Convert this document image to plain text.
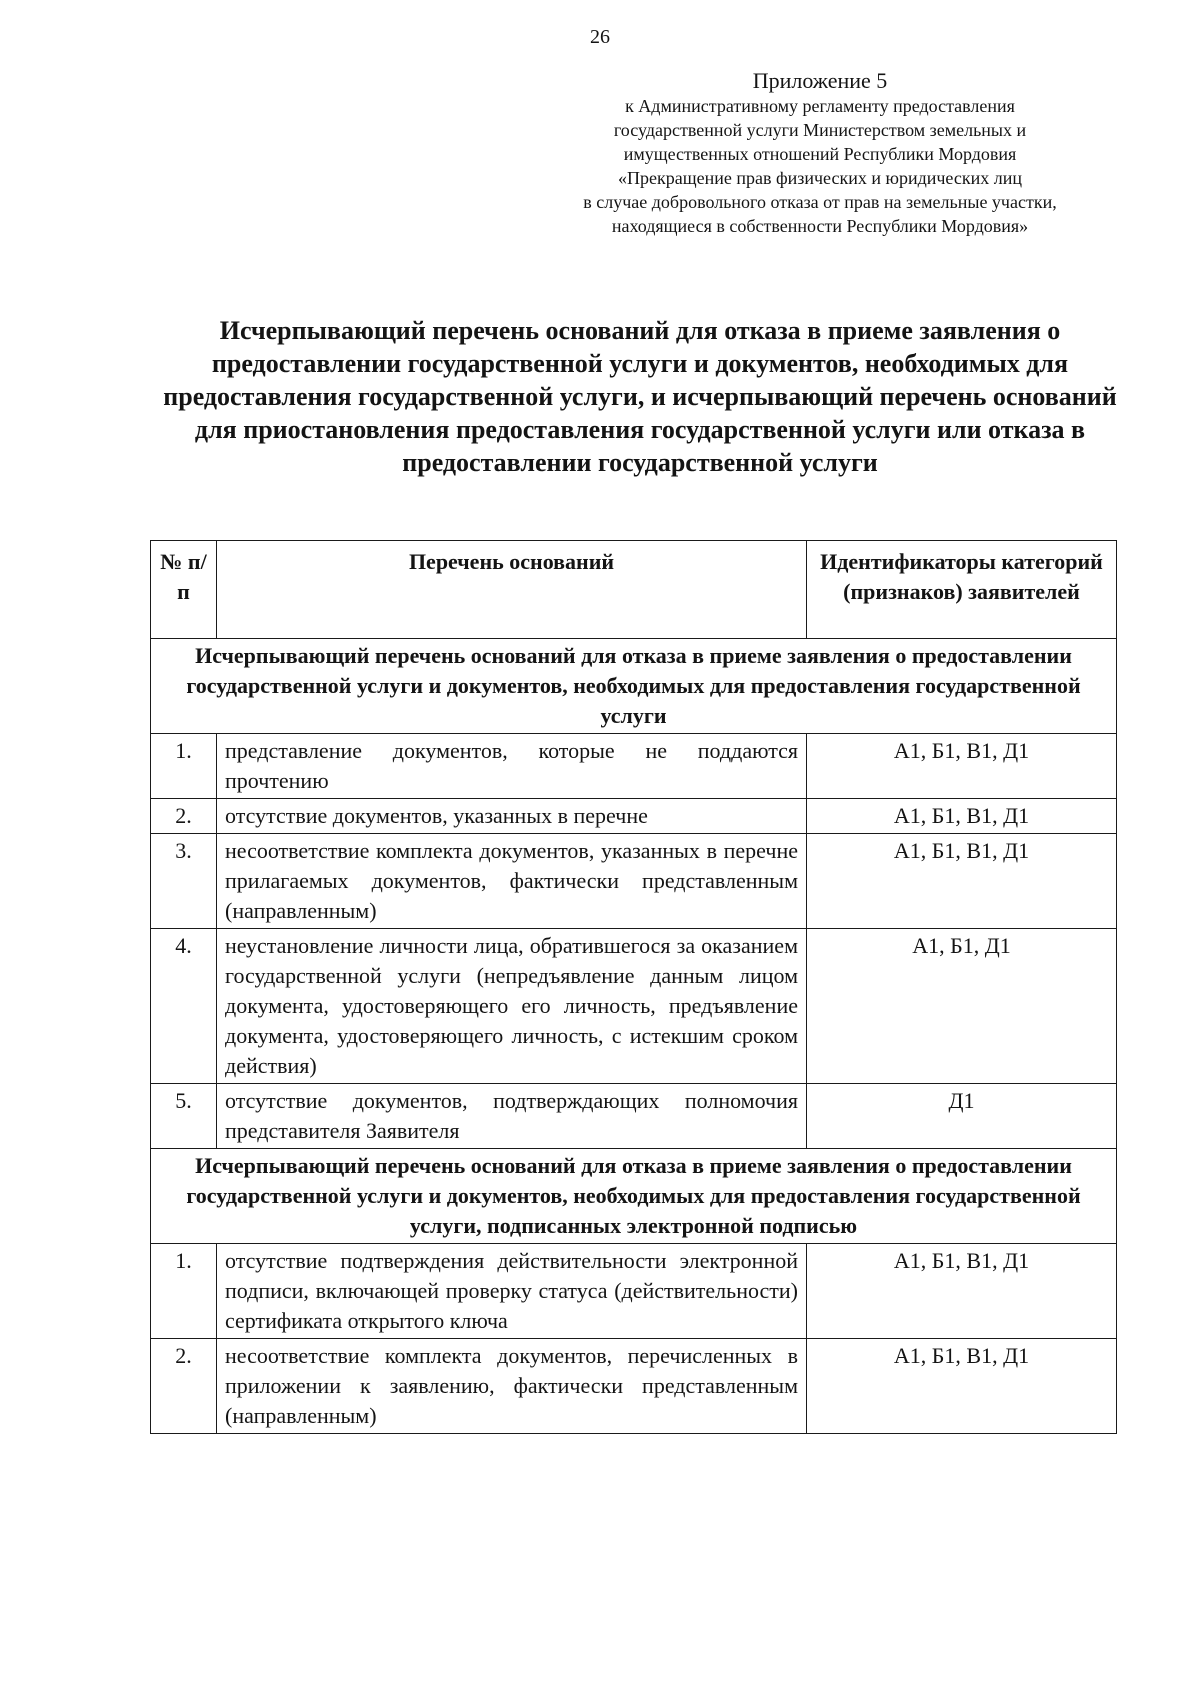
26
Приложение 5
к Административному регламенту предоставления
государственной услуги Министерством земельных и
имущественных отношений Республики Мордовия
«Прекращение прав физических и юридических лиц
в случае добровольного отказа от прав на земельные участки,
находящиеся в собственности Республики Мордовия»
Исчерпывающий перечень оснований для отказа в приеме заявления о предоставлении государственной услуги и документов, необходимых для предоставления государственной услуги, и исчерпывающий перечень оснований для приостановления предоставления государственной услуги или отказа в предоставлении государственной услуги
№ п/п	Перечень оснований	Идентификаторы категорий (признаков) заявителей
Исчерпывающий перечень оснований для отказа в приеме заявления о предоставлении государственной услуги и документов, необходимых для предоставления государственной услуги		
1.	представление документов, которые не поддаются прочтению	А1, Б1, В1, Д1
2.	отсутствие документов, указанных в перечне	А1, Б1, В1, Д1
3.	несоответствие комплекта документов, указанных в перечне прилагаемых документов, фактически представленным (направленным)	А1, Б1, В1, Д1
4.	неустановление личности лица, обратившегося за оказанием государственной услуги (непредъявление данным лицом документа, удостоверяющего его личность, предъявление документа, удостоверяющего личность, с истекшим сроком действия)	А1, Б1, Д1
5.	отсутствие документов, подтверждающих полномочия представителя Заявителя	Д1
Исчерпывающий перечень оснований для отказа в приеме заявления о предоставлении государственной услуги и документов, необходимых для предоставления государственной услуги, подписанных электронной подписью		
1.	отсутствие подтверждения действительности электронной подписи, включающей проверку статуса (действительности) сертификата открытого ключа	А1, Б1, В1, Д1
2.	несоответствие комплекта документов, перечисленных в приложении к заявлению, фактически представленным (направленным)	А1, Б1, В1, Д1
